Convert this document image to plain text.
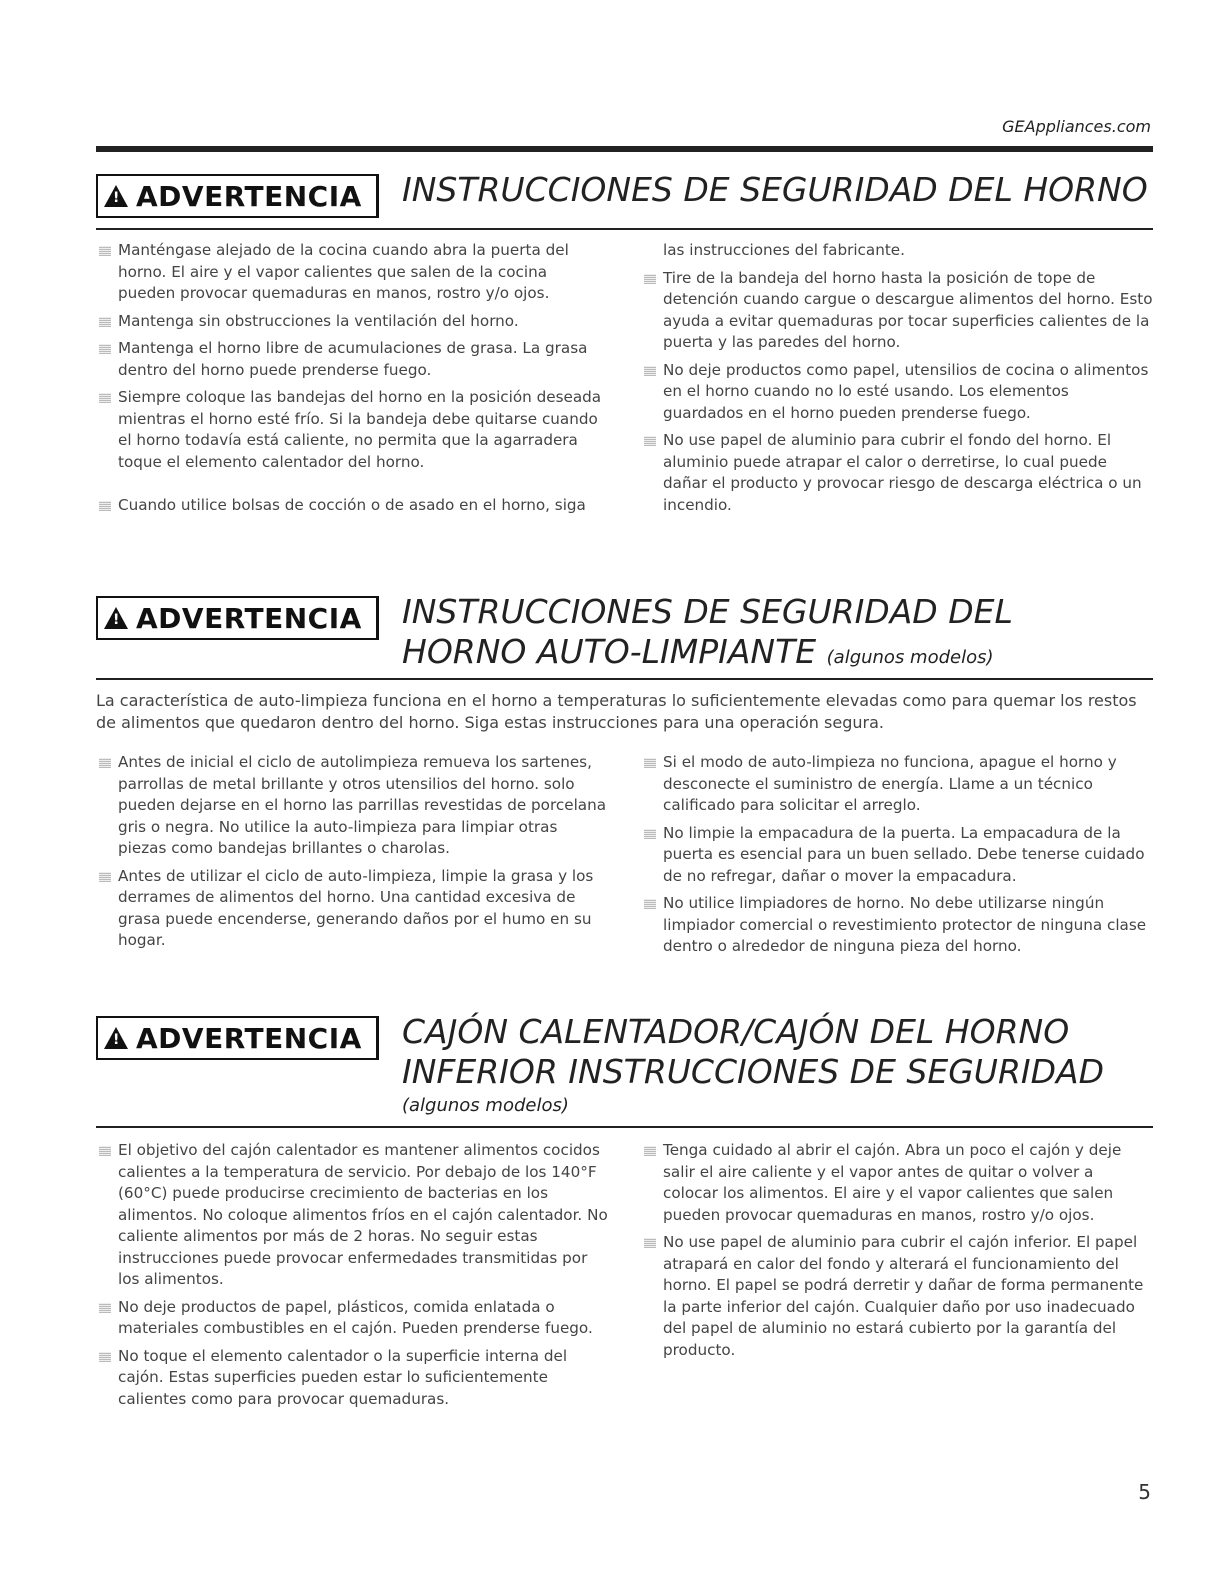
GEAppliances.com
!
ADVERTENCIA INSTRUCCIONES DE SEGURIDAD DEL HORNO
Manténgase alejado de la cocina cuando abra la puerta del horno. El aire y el vapor calientes que salen de la cocina pueden provocar quemaduras en manos, rostro y/o ojos.
Mantenga sin obstrucciones la ventilación del horno.
Mantenga el horno libre de acumulaciones de grasa. La grasa dentro del horno puede prenderse fuego.
Siempre coloque las bandejas del horno en la posición deseada mientras el horno esté frío. Si la bandeja debe quitarse cuando el horno todavía está caliente, no permita que la agarradera toque el elemento calentador del horno.
Cuando utilice bolsas de cocción o de asado en el horno, siga
las instrucciones del fabricante.
Tire de la bandeja del horno hasta la posición de tope de detención cuando cargue o descargue alimentos del horno. Esto ayuda a evitar quemaduras por tocar superficies calientes de la puerta y las paredes del horno.
No deje productos como papel, utensilios de cocina o alimentos en el horno cuando no lo esté usando. Los elementos guardados en el horno pueden prenderse fuego.
No use papel de aluminio para cubrir el fondo del horno. El aluminio puede atrapar el calor o derretirse, lo cual puede dañar el producto y provocar riesgo de descarga eléctrica o un incendio.
!
ADVERTENCIA INSTRUCCIONES DE SEGURIDAD DEL
HORNO AUTO-LIMPIANTE (algunos modelos)
La característica de auto-limpieza funciona en el horno a temperaturas lo suficientemente elevadas como para quemar los restos de alimentos que quedaron dentro del horno. Siga estas instrucciones para una operación segura.
Antes de inicial el ciclo de autolimpieza remueva los sartenes, parrollas de metal brillante y otros utensilios del horno. solo pueden dejarse en el horno las parrillas revestidas de porcelana gris o negra. No utilice la auto-limpieza para limpiar otras piezas como bandejas brillantes o charolas.
Antes de utilizar el ciclo de auto-limpieza, limpie la grasa y los derrames de alimentos del horno. Una cantidad excesiva de grasa puede encenderse, generando daños por el humo en su hogar.
Si el modo de auto-limpieza no funciona, apague el horno y desconecte el suministro de energía. Llame a un técnico calificado para solicitar el arreglo.
No limpie la empacadura de la puerta. La empacadura de la puerta es esencial para un buen sellado. Debe tenerse cuidado de no refregar, dañar o mover la empacadura.
No utilice limpiadores de horno. No debe utilizarse ningún limpiador comercial o revestimiento protector de ninguna clase dentro o alrededor de ninguna pieza del horno.
!
ADVERTENCIA CAJÓN CALENTADOR/CAJÓN DEL HORNO
INFERIOR INSTRUCCIONES DE SEGURIDAD
(algunos modelos)
El objetivo del cajón calentador es mantener alimentos cocidos calientes a la temperatura de servicio. Por debajo de los 140°F (60°C) puede producirse crecimiento de bacterias en los alimentos. No coloque alimentos fríos en el cajón calentador. No caliente alimentos por más de 2 horas. No seguir estas instrucciones puede provocar enfermedades transmitidas por los alimentos.
No deje productos de papel, plásticos, comida enlatada o materiales combustibles en el cajón. Pueden prenderse fuego.
No toque el elemento calentador o la superficie interna del cajón. Estas superficies pueden estar lo suficientemente calientes como para provocar quemaduras.
Tenga cuidado al abrir el cajón. Abra un poco el cajón y deje salir el aire caliente y el vapor antes de quitar o volver a colocar los alimentos. El aire y el vapor calientes que salen pueden provocar quemaduras en manos, rostro y/o ojos.
No use papel de aluminio para cubrir el cajón inferior. El papel atrapará en calor del fondo y alterará el funcionamiento del horno. El papel se podrá derretir y dañar de forma permanente la parte inferior del cajón. Cualquier daño por uso inadecuado del papel de aluminio no estará cubierto por la garantía del producto.
5
